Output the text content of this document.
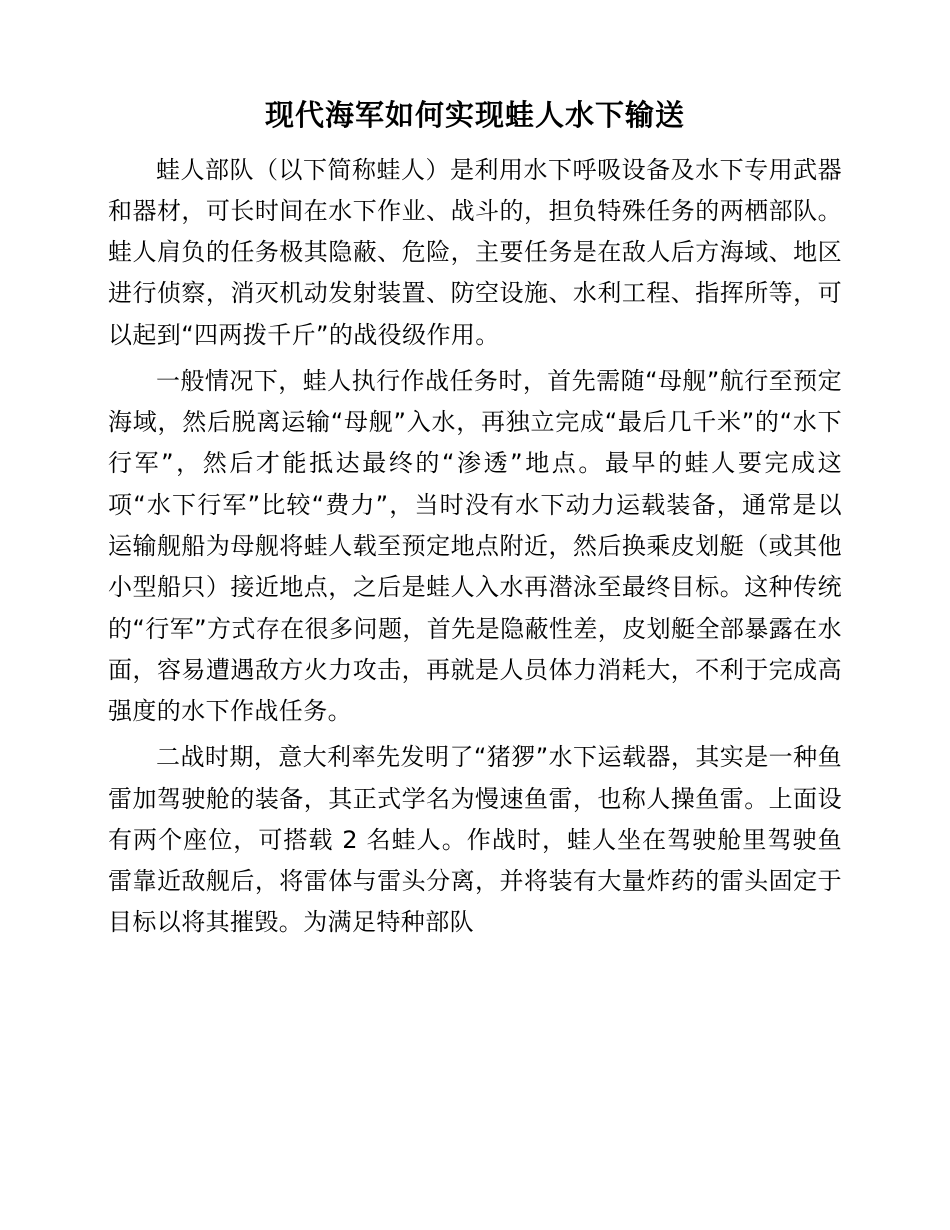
现代海军如何实现蛙人水下输送

蛙人部队（以下简称蛙人）是利用水下呼吸设备及水下专用武器和器材，可长时间在水下作业、战斗的，担负特殊任务的两栖部队。蛙人肩负的任务极其隐蔽、危险，主要任务是在敌人后方海域、地区进行侦察，消灭机动发射装置、防空设施、水利工程、指挥所等，可以起到“四两拨千斤”的战役级作用。

一般情况下，蛙人执行作战任务时，首先需随“母舰”航行至预定海域，然后脱离运输“母舰”入水，再独立完成“最后几千米”的“水下行军”，然后才能抵达最终的“渗透”地点。最早的蛙人要完成这项“水下行军”比较“费力”，当时没有水下动力运载装备，通常是以运输舰船为母舰将蛙人载至预定地点附近，然后换乘皮划艇（或其他小型船只）接近地点，之后是蛙人入水再潜泳至最终目标。这种传统的“行军”方式存在很多问题，首先是隐蔽性差，皮划艇全部暴露在水面，容易遭遇敌方火力攻击，再就是人员体力消耗大，不利于完成高强度的水下作战任务。

二战时期，意大利率先发明了“猪猡”水下运载器，其实是一种鱼雷加驾驶舱的装备，其正式学名为慢速鱼雷，也称人操鱼雷。上面设有两个座位，可搭载 2 名蛙人。作战时，蛙人坐在驾驶舱里驾驶鱼雷靠近敌舰后，将雷体与雷头分离，并将装有大量炸药的雷头固定于目标以将其摧毁。为满足特种部队
